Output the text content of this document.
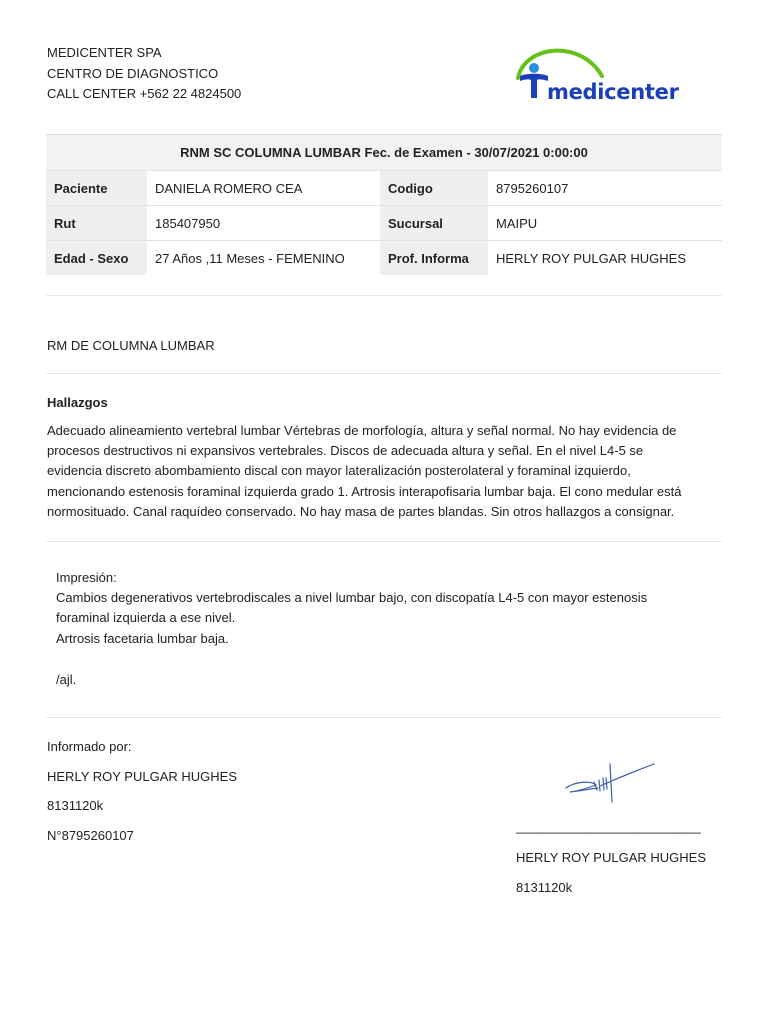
MEDICENTER SPA
CENTRO DE DIAGNOSTICO
CALL CENTER +562 22 4824500	medicenter
RNM SC COLUMNA LUMBAR Fec. de Examen - 30/07/2021 0:00:00			
Paciente	DANIELA ROMERO CEA	Codigo	8795260107
Rut	185407950	Sucursal	MAIPU
Edad - Sexo	27 Años ,11 Meses - FEMENINO	Prof. Informa	HERLY ROY PULGAR HUGHES
RM DE COLUMNA LUMBAR
Hallazgos
Adecuado alineamiento vertebral lumbar Vértebras de morfología, altura y señal normal. No hay evidencia de
procesos destructivos ni expansivos vertebrales. Discos de adecuada altura y señal. En el nivel L4-5 se
evidencia discreto abombamiento discal con mayor lateralización posterolateral y foraminal izquierdo,
mencionando estenosis foraminal izquierda grado 1. Artrosis interapofisaria lumbar baja. El cono medular está
normosituado. Canal raquídeo conservado. No hay masa de partes blandas. Sin otros hallazgos a consignar.
Impresión:
Cambios degenerativos vertebrodiscales a nivel lumbar bajo, con discopatía L4-5 con mayor estenosis
foraminal izquierda a ese nivel.
Artrosis facetaria lumbar baja.
/ajl.
Informado por:
HERLY ROY PULGAR HUGHES
8131120k
N°8795260107
___________________________
HERLY ROY PULGAR HUGHES
8131120k
